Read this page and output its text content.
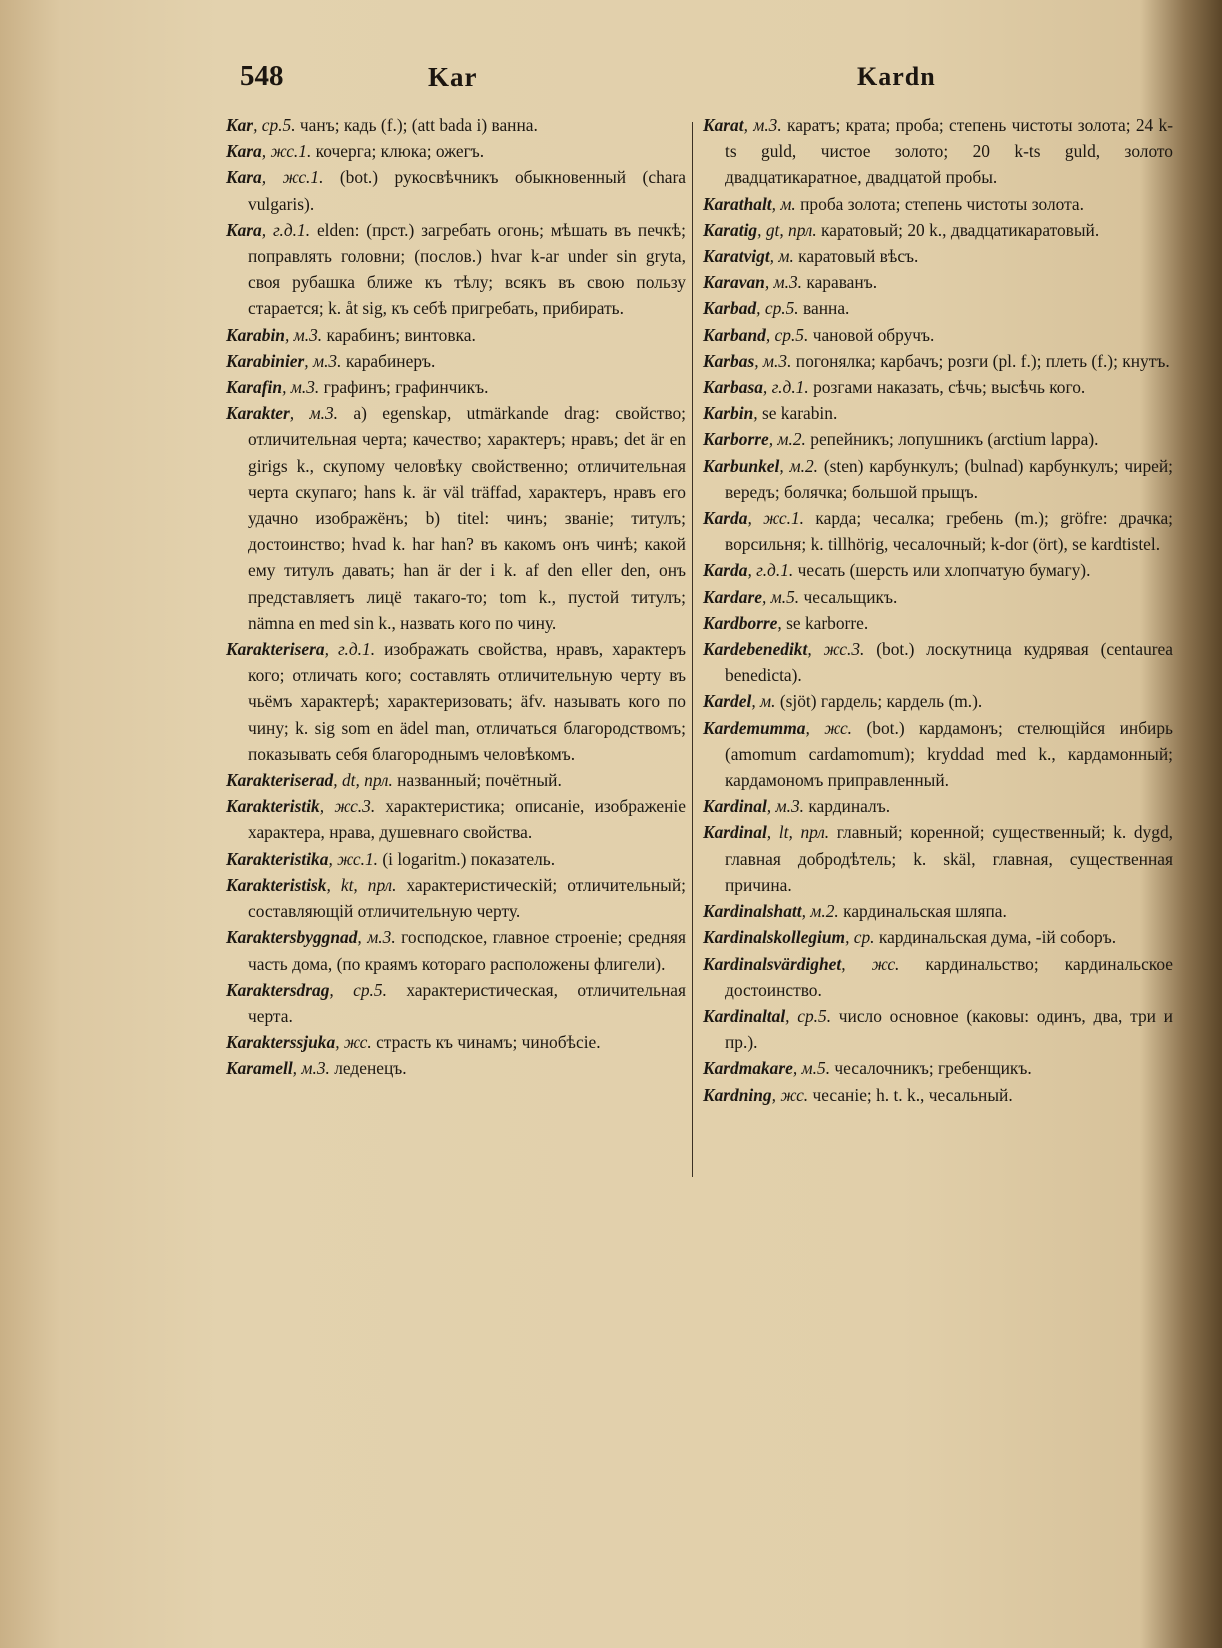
548	Kar	Kardn

Kar, ср.5. чанъ; кадь (f.); (att bada i) ванна.

Kara, жс.1. кочерга; клюка; ожегъ.

Kara, жс.1. (bot.) рукосвѣчникъ обыкновенный (chara vulgaris).

Kara, г.д.1. elden: (прст.) загребать огонь; мѣшать въ печкѣ; поправлять головни; (послов.) hvar k-ar under sin gryta, своя рубашка ближе къ тѣлу; всякъ въ свою пользу старается; k. åt sig, къ себѣ пригребать, прибирать.

Karabin, м.3. карабинъ; винтовка.

Karabinier, м.3. карабинеръ.

Karafin, м.3. графинъ; графинчикъ.

Karakter, м.3. a) egenskap, utmärkande drag: свойство; отличительная черта; качество; характеръ; нравъ; det är en girigs k., скупому человѣку свойственно; отличительная черта скупаго; hans k. är väl träffad, характеръ, нравъ его удачно изображёнъ; b) titel: чинъ; званіе; титулъ; достоинство; hvad k. har han? въ какомъ онъ чинѣ; какой ему титулъ давать; han är der i k. af den eller den, онъ представляетъ лицё такаго-то; tom k., пустой титулъ; nämna en med sin k., назвать кого по чину.

Karakterisera, г.д.1. изображать свойства, нравъ, характеръ кого; отличать кого; составлять отличительную черту въ чьёмъ характерѣ; характеризовать; äfv. называть кого по чину; k. sig som en ädel man, отличаться благородствомъ; показывать себя благороднымъ человѣкомъ.

Karakteriserad, dt, прл. названный; почётный.

Karakteristik, жс.3. характеристика; описаніе, изображеніе характера, нрава, душевнаго свойства.

Karakteristika, жс.1. (i logaritm.) показатель.

Karakteristisk, kt, прл. характеристическій; отличительный; составляющій отличительную черту.

Karaktersbyggnad, м.3. господское, главное строеніе; средняя часть дома, (по краямъ котораго расположены флигели).

Karaktersdrag, ср.5. характеристическая, отличительная черта.

Karakterssjuka, жс. страсть къ чинамъ; чинобѣсіе.

Karamell, м.3. леденецъ.

Karat, м.3. каратъ; крата; проба; степень чистоты золота; 24 k-ts guld, чистое золото; 20 k-ts guld, золото двадцатикаратное, двадцатой пробы.

Karathalt, м. проба золота; степень чистоты золота.

Karatig, gt, прл. каратовый; 20 k., двадцатикаратовый.

Karatvigt, м. каратовый вѣсъ.

Karavan, м.3. караванъ.

Karbad, ср.5. ванна.

Karband, ср.5. чановой обручъ.

Karbas, м.3. погонялка; карбачъ; розги (pl. f.); плеть (f.); кнутъ.

Karbasa, г.д.1. розгами наказать, сѣчь; высѣчь кого.

Karbin, se karabin.

Karborre, м.2. репейникъ; лопушникъ (arctium lappa).

Karbunkel, м.2. (sten) карбункулъ; (bulnad) карбункулъ; чирей; вередъ; болячка; большой прыщъ.

Karda, жс.1. карда; чесалка; гребень (m.); gröfre: драчка; ворсильня; k. tillhörig, чесалочный; k-dor (ört), se kardtistel.

Karda, г.д.1. чесать (шерсть или хлопчатую бумагу).

Kardare, м.5. чесальщикъ.

Kardborre, se karborre.

Kardebenedikt, жс.3. (bot.) лоскутница кудрявая (centaurea benedicta).

Kardel, м. (sjöt) гардель; кардель (m.).

Kardemumma, жс. (bot.) кардамонъ; стелющійся инбирь (amomum cardamomum); kryddad med k., кардамонный; кардамономъ приправленный.

Kardinal, м.3. кардиналъ.

Kardinal, lt, прл. главный; коренной; существенный; k. dygd, главная добродѣтель; k. skäl, главная, существенная причина.

Kardinalshatt, м.2. кардинальская шляпа.

Kardinalskollegium, ср. кардинальская дума, -ій соборъ.

Kardinalsvärdighet, жс. кардинальство; кардинальское достоинство.

Kardinaltal, ср.5. число основное (каковы: одинъ, два, три и пр.).

Kardmakare, м.5. чесалочникъ; гребенщикъ.

Kardning, жс. чесаніе; h. t. k., чесальный.
